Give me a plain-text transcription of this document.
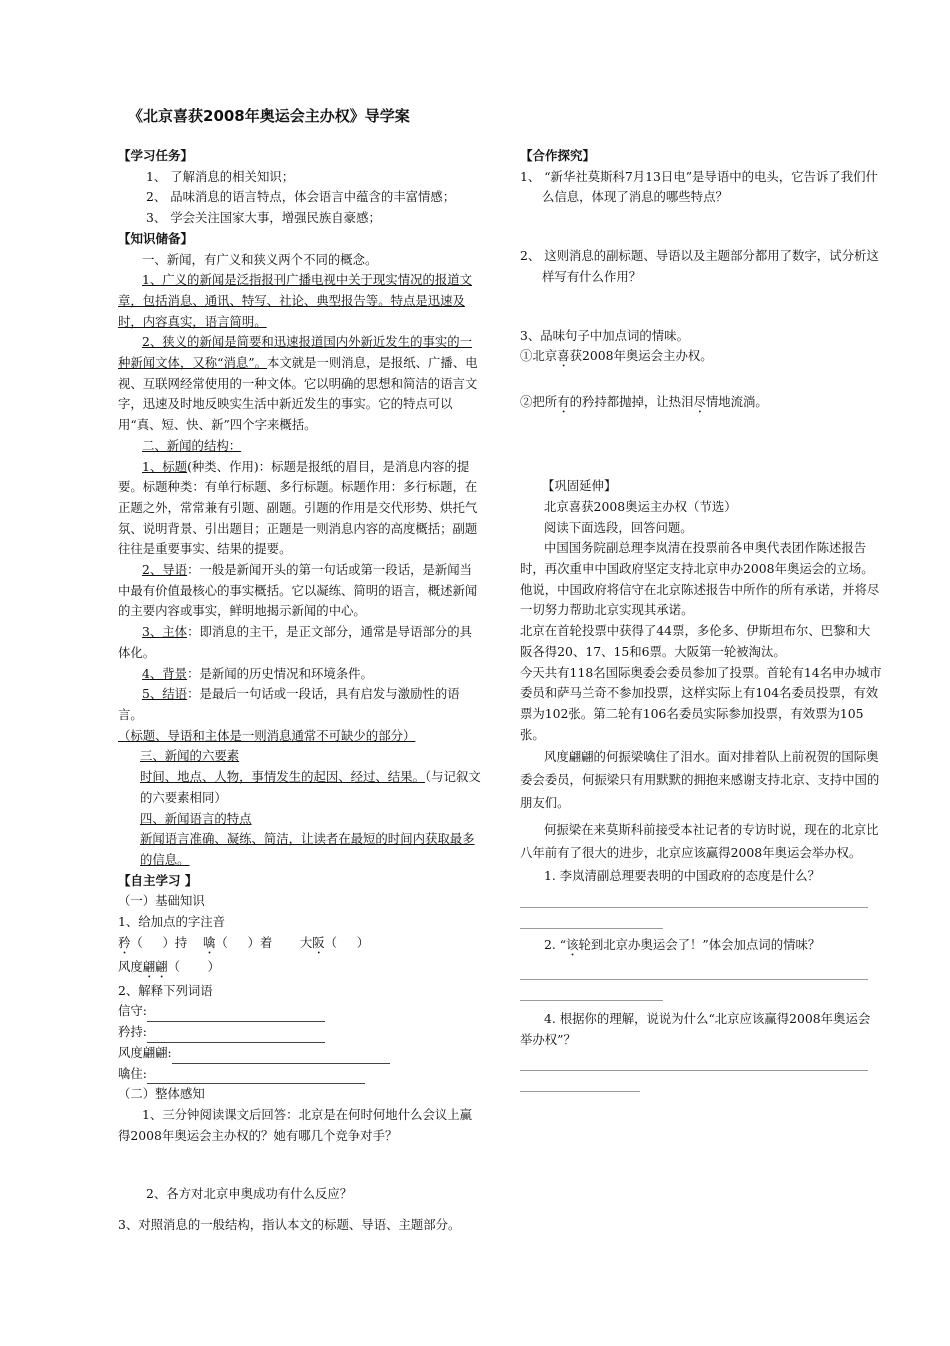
《北京喜获2008年奥运会主办权》导学案
【学习任务】
1、 了解消息的相关知识；
2、 品味消息的语言特点，体会语言中蕴含的丰富情感；
3、 学会关注国家大事，增强民族自豪感；
【知识储备】
一、新闻，有广义和狭义两个不同的概念。
1、广义的新闻是泛指报刊广播电视中关于现实情况的报道文章，包括消息、通讯、特写、社论、典型报告等。特点是迅速及时，内容真实，语言简明。
2、狭义的新闻是简要和迅速报道国内外新近发生的事实的一种新闻文体，又称“消息”。本文就是一则消息，是报纸、广播、电视、互联网经常使用的一种文体。它以明确的思想和简洁的语言文字，迅速及时地反映实生活中新近发生的事实。它的特点可以用“真、短、快、新”四个字来概括。
二、新闻的结构：
1、标题(种类、作用)：标题是报纸的眉目，是消息内容的提要。标题种类：有单行标题、多行标题。标题作用：多行标题，在正题之外，常常兼有引题、副题。引题的作用是交代形势、烘托气氛、说明背景、引出题目；正题是一则消息内容的高度概括；副题往往是重要事实、结果的提要。
2、导语：一般是新闻开头的第一句话或第一段话，是新闻当中最有价值最核心的事实概括。它以凝练、简明的语言，概述新闻的主要内容或事实，鲜明地揭示新闻的中心。
3、主体：即消息的主干，是正文部分，通常是导语部分的具体化。
4、背景：是新闻的历史情况和环境条件。
5、结语：是最后一句话或一段话，具有启发与激励性的语言。
（标题、导语和主体是一则消息通常不可缺少的部分）
三、新闻的六要素
时间、地点、人物，事情发生的起因、经过、结果。（与记叙文的六要素相同）
四、新闻语言的特点
新闻语言准确、凝练、简洁，让读者在最短的时间内获取最多的信息。
【自主学习 】
（一）基础知识
1、给加点的字注音
矜（     ）持 噙（     ）着 大阪（     ）
风度翩翩（       ）
2、解释下列词语
信守:
矜持:
风度翩翩:
噙住:
（二）整体感知
1、三分钟阅读课文后回答：北京是在何时何地什么会议上赢得2008年奥运会主办权的？她有哪几个竞争对手？
2、各方对北京申奥成功有什么反应？
3、对照消息的一般结构，指认本文的标题、导语、主题部分。
【合作探究】
1、 “新华社莫斯科7月13日电”是导语中的电头，它告诉了我们什么信息，体现了消息的哪些特点？
2、 这则消息的副标题、导语以及主题部分都用了数字，试分析这样写有什么作用？
3、品味句子中加点词的情味。
①北京喜获2008年奥运会主办权。
②把所有的矜持都抛掉，让热泪尽情地流淌。
【巩固延伸】
北京喜获2008奥运主办权（节选）
阅读下面选段，回答问题。
中国国务院副总理李岚清在投票前各申奥代表团作陈述报告时，再次重申中国政府坚定支持北京申办2008年奥运会的立场。他说，中国政府将信守在北京陈述报告中所作的所有承诺，并将尽一切努力帮助北京实现其承诺。
北京在首轮投票中获得了44票，多伦多、伊斯坦布尔、巴黎和大阪各得20、17、15和6票。大阪第一轮被淘汰。
今天共有118名国际奥委会委员参加了投票。首轮有14名申办城市委员和萨马兰奇不参加投票，这样实际上有104名委员投票，有效票为102张。第二轮有106名委员实际参加投票，有效票为105张。
风度翩翩的何振梁噙住了泪水。面对排着队上前祝贺的国际奥委会委员，何振梁只有用默默的拥抱来感谢支持北京、支持中国的朋友们。
何振梁在来莫斯科前接受本社记者的专访时说，现在的北京比八年前有了很大的进步，北京应该赢得2008年奥运会举办权。
1. 李岚清副总理要表明的中国政府的态度是什么？
2. “该轮到北京办奥运会了！”体会加点词的情味？
4. 根据你的理解，说说为什么“北京应该赢得2008年奥运会举办权”？
